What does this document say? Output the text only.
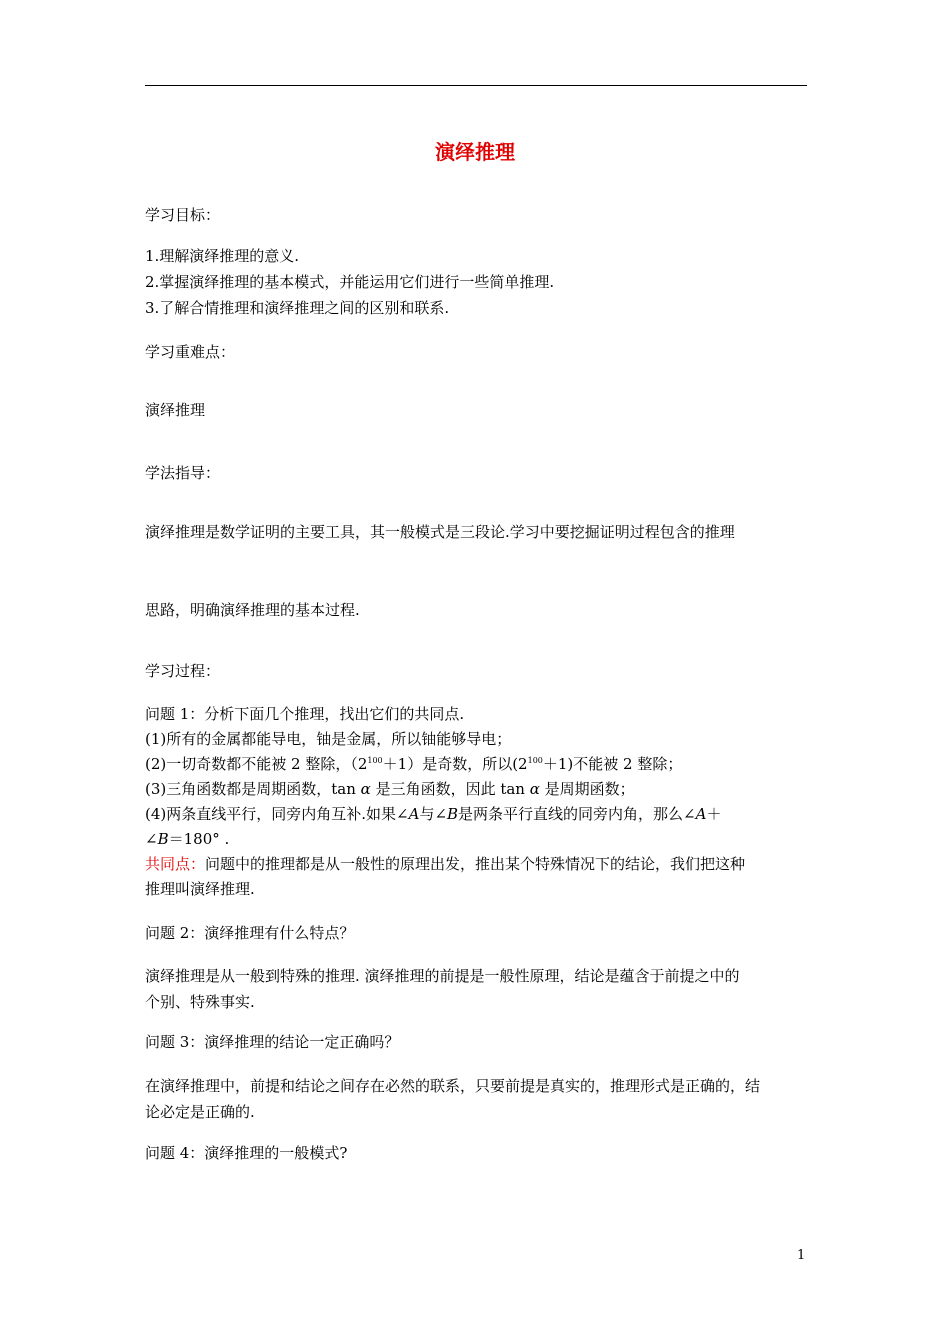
演绎推理
学习目标：
1.理解演绎推理的意义.
2.掌握演绎推理的基本模式，并能运用它们进行一些简单推理.
3.了解合情推理和演绎推理之间的区别和联系.
学习重难点：
演绎推理
学法指导：
演绎推理是数学证明的主要工具，其一般模式是三段论.学习中要挖掘证明过程包含的推理
思路，明确演绎推理的基本过程.
学习过程：
问题 1：分析下面几个推理，找出它们的共同点.
(1)所有的金属都能导电，铀是金属，所以铀能够导电；
(2)一切奇数都不能被 2 整除，$(2^{100}+1)$是奇数，所以$(2^{100}+1)$不能被 2 整除；
(3)三角函数都是周期函数，tan α 是三角函数，因此 tan α 是周期函数；
(4)两条直线平行，同旁内角互补.如果∠A与∠B是两条平行直线的同旁内角，那么∠A＋
∠B＝180° .
共同点：问题中的推理都是从一般性的原理出发，推出某个特殊情况下的结论，我们把这种
推理叫演绎推理.
问题 2：演绎推理有什么特点？
演绎推理是从一般到特殊的推理. 演绎推理的前提是一般性原理，结论是蕴含于前提之中的
个别、特殊事实.
问题 3：演绎推理的结论一定正确吗？
在演绎推理中，前提和结论之间存在必然的联系，只要前提是真实的，推理形式是正确的，结
论必定是正确的.
问题 4：演绎推理的一般模式?
1
